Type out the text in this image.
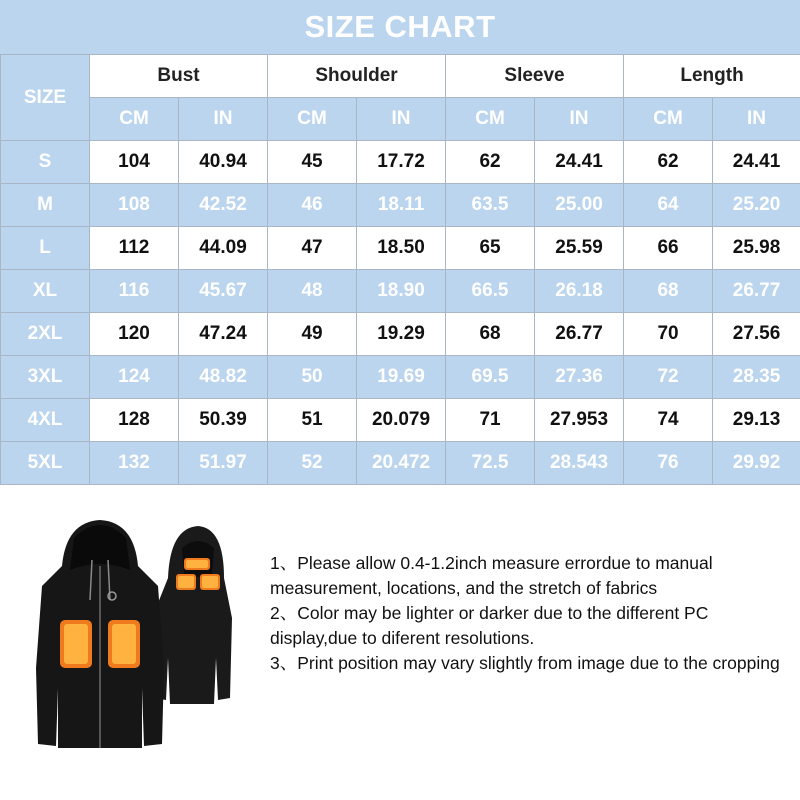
SIZE CHART
SIZE	Bust		Shoulder		Sleeve		Length	
	CM	IN	CM	IN	CM	IN	CM	IN
S	104	40.94	45	17.72	62	24.41	62	24.41
M	108	42.52	46	18.11	63.5	25.00	64	25.20
L	112	44.09	47	18.50	65	25.59	66	25.98
XL	116	45.67	48	18.90	66.5	26.18	68	26.77
2XL	120	47.24	49	19.29	68	26.77	70	27.56
3XL	124	48.82	50	19.69	69.5	27.36	72	28.35
4XL	128	50.39	51	20.079	71	27.953	74	29.13
5XL	132	51.97	52	20.472	72.5	28.543	76	29.92

1、Please allow 0.4-1.2inch measure errordue to manual measurement, locations, and the stretch of fabrics

2、Color may be lighter or darker due to the different PC display,due to diferent resolutions.

3、Print position may vary slightly from image due to the cropping
